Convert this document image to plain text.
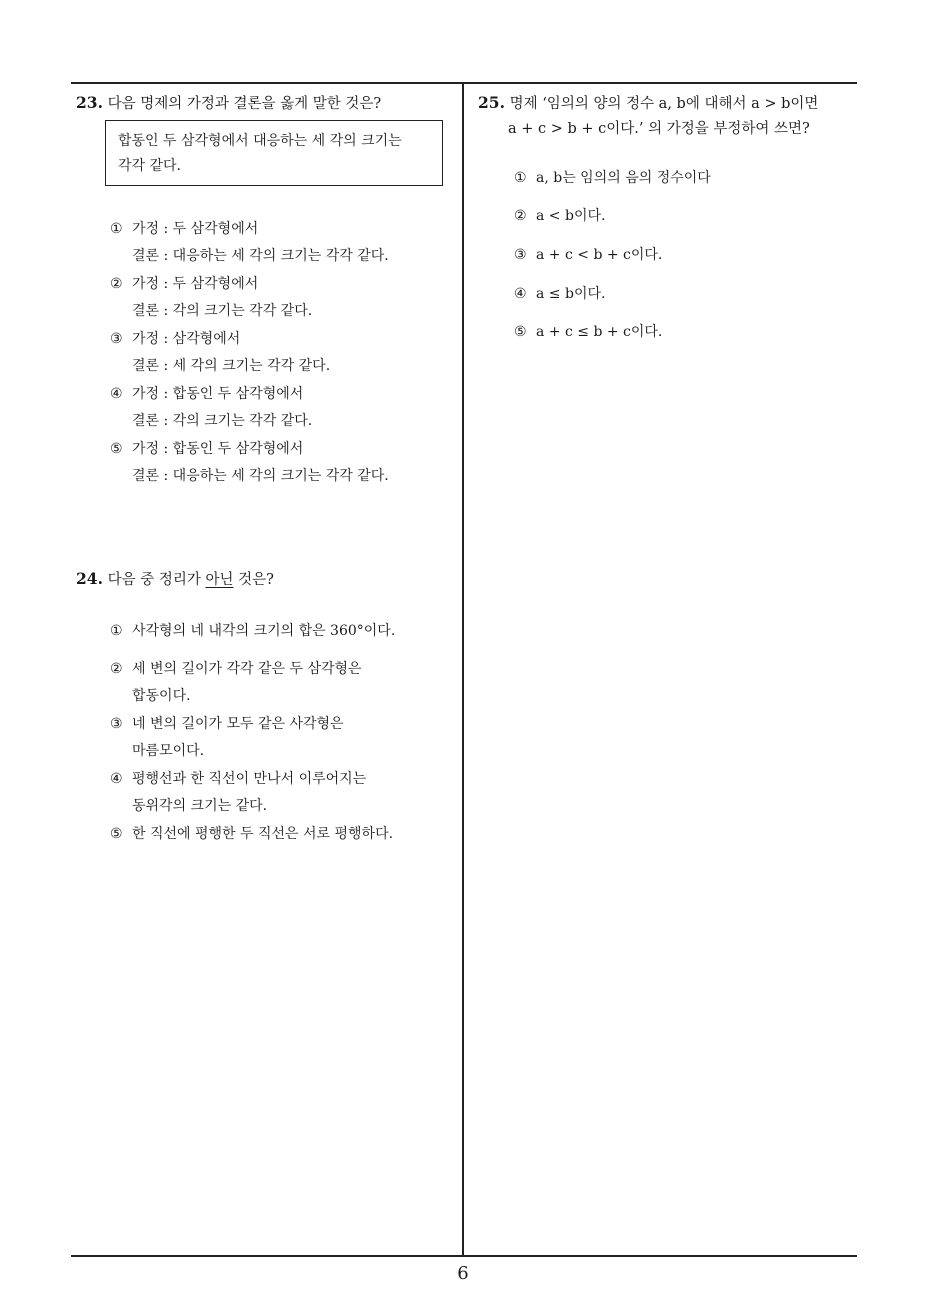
23. 다음 명제의 가정과 결론을 옳게 말한 것은?
합동인 두 삼각형에서 대응하는 세 각의 크기는
각각 같다.
① 가정 : 두 삼각형에서
결론 : 대응하는 세 각의 크기는 각각 같다.
② 가정 : 두 삼각형에서
결론 : 각의 크기는 각각 같다.
③ 가정 : 삼각형에서
결론 : 세 각의 크기는 각각 같다.
④ 가정 : 합동인 두 삼각형에서
결론 : 각의 크기는 각각 같다.
⑤ 가정 : 합동인 두 삼각형에서
결론 : 대응하는 세 각의 크기는 각각 같다.
24. 다음 중 정리가 아닌 것은?
① 사각형의 네 내각의 크기의 합은 360°이다.
② 세 변의 길이가 각각 같은 두 삼각형은
합동이다.
③ 네 변의 길이가 모두 같은 사각형은
마름모이다.
④ 평행선과 한 직선이 만나서 이루어지는
동위각의 크기는 같다.
⑤ 한 직선에 평행한 두 직선은 서로 평행하다.
25. 명제 ‘임의의 양의 정수 a, b에 대해서 a > b이면
a + c > b + c이다.’ 의 가정을 부정하여 쓰면?
① a, b는 임의의 음의 정수이다
② a < b이다.
③ a + c < b + c이다.
④ a ≤ b이다.
⑤ a + c ≤ b + c이다.
6
